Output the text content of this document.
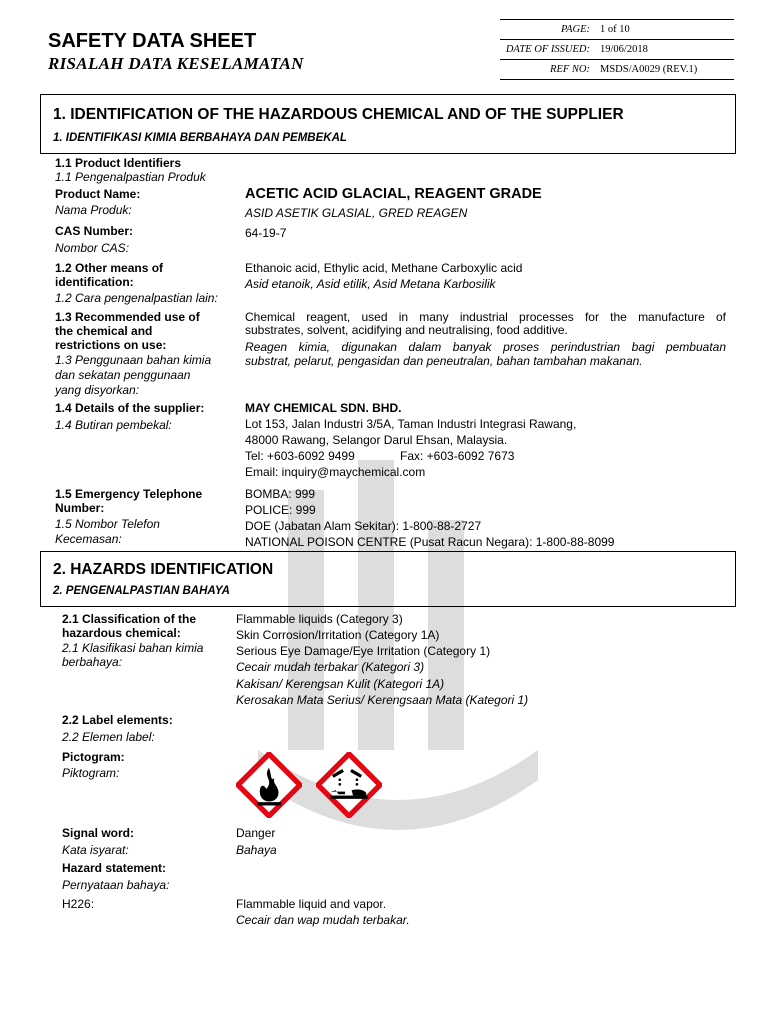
SAFETY DATA SHEET
RISALAH DATA KESELAMATAN
PAGE: 1 of 10
DATE OF ISSUED: 19/06/2018
REF NO: MSDS/A0029 (REV.1)
1. IDENTIFICATION OF THE HAZARDOUS CHEMICAL AND OF THE SUPPLIER
1. IDENTIFIKASI KIMIA BERBAHAYA DAN PEMBEKAL
1.1 Product Identifiers
1.1 Pengenalpastian Produk
Product Name:
Nama Produk:
ACETIC ACID GLACIAL, REAGENT GRADE
ASID ASETIK GLASIAL, GRED REAGEN
CAS Number:
Nombor CAS:
64-19-7
1.2 Other means of
identification:
1.2 Cara pengenalpastian lain:
Ethanoic acid, Ethylic acid, Methane Carboxylic acid
Asid etanoik, Asid etilik, Asid Metana Karbosilik
1.3 Recommended use of
the chemical and
restrictions on use:
1.3 Penggunaan bahan kimia
dan sekatan penggunaan
yang disyorkan:
Chemical reagent, used in many industrial processes for the manufacture of
substrates, solvent, acidifying and neutralising, food additive.
Reagen kimia, digunakan dalam banyak proses perindustrian bagi pembuatan
substrat, pelarut, pengasidan dan peneutralan, bahan tambahan makanan.
1.4 Details of the supplier:
1.4 Butiran pembekal:
MAY CHEMICAL SDN. BHD.
Lot 153, Jalan Industri 3/5A, Taman Industri Integrasi Rawang,
48000 Rawang, Selangor Darul Ehsan, Malaysia.
Tel: +603-6092 9499	Fax: +603-6092 7673
Email: inquiry@maychemical.com
1.5 Emergency Telephone
Number:
1.5 Nombor Telefon
Kecemasan:
BOMBA: 999
POLICE: 999
DOE (Jabatan Alam Sekitar): 1-800-88-2727
NATIONAL POISON CENTRE (Pusat Racun Negara): 1-800-88-8099
2. HAZARDS IDENTIFICATION
2. PENGENALPASTIAN BAHAYA
2.1 Classification of the
hazardous chemical:
2.1 Klasifikasi bahan kimia
berbahaya:
Flammable liquids (Category 3)
Skin Corrosion/Irritation (Category 1A)
Serious Eye Damage/Eye Irritation (Category 1)
Cecair mudah terbakar (Kategori 3)
Kakisan/ Kerengsan Kulit (Kategori 1A)
Kerosakan Mata Serius/ Kerengsaan Mata (Kategori 1)
2.2 Label elements:
2.2 Elemen label:
Pictogram:
Piktogram:
Signal word:
Kata isyarat:
Danger
Bahaya
Hazard statement:
Pernyataan bahaya:
H226:	Flammable liquid and vapor.
Cecair dan wap mudah terbakar.
